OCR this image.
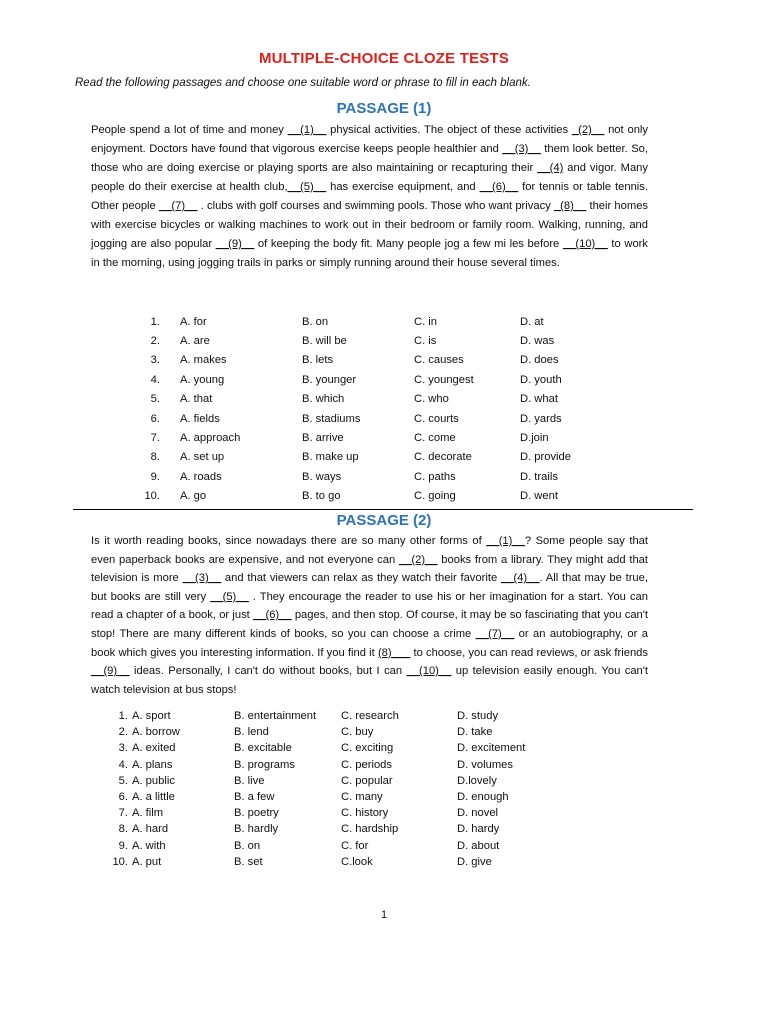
MULTIPLE-CHOICE CLOZE TESTS
Read the following passages and choose one suitable word or phrase to fill in each blank.
PASSAGE (1)
People spend a lot of time and money __(1)__ physical activities. The object of these activities _(2)__ not only enjoyment. Doctors have found that vigorous exercise keeps people healthier and __(3)__ them look better. So, those who are doing exercise or playing sports are also maintaining or recapturing their __(4) and vigor. Many people do their exercise at health club,__(5)__ has exercise equipment, and __(6)__ for tennis or table tennis. Other people __(7)__ . clubs with golf courses and swimming pools. Those who want privacy _(8)__ their homes with exercise bicycles or walking machines to work out in their bedroom or family room. Walking, running, and jogging are also popular __(9)__ of keeping the body fit. Many people jog a few mi les before __(10)__ to work in the morning, using jogging trails in parks or simply running around their house several times.
1.		A. for	B. on	C. in	D. at
2.		A. are	B. will be	C. is	D. was
3.		A. makes	B. lets	C. causes	D. does
4.		A. young	B. younger	C. youngest	D. youth
5.		A. that	B. which	C. who	D. what
6.		A. fields	B. stadiums	C. courts	D. yards
7.		A. approach	B. arrive	C. come	D.join
8.		A. set up	B. make up	C. decorate	D. provide
9.		A. roads	B. ways	C. paths	D. trails
10.		A. go	B. to go	C. going	D. went
PASSAGE (2)
Is it worth reading books, since nowadays there are so many other forms of __(1)__? Some people say that even paperback books are expensive, and not everyone can __(2)__ books from a library. They might add that television is more __(3)__ and that viewers can relax as they watch their favorite __(4)__. All that may be true, but books are still very __(5)__ . They encourage the reader to use his or her imagination for a start. You can read a chapter of a book, or just __(6)__ pages, and then stop. Of course, it may be so fascinating that you can't stop! There are many different kinds of books, so you can choose a crime __(7)__ or an autobiography, or a book which gives you interesting information. If you find it (8)___ to choose, you can read reviews, or ask friends __(9)__ ideas. Personally, I can't do without books, but I can __(10)__ up television easily enough. You can't watch television at bus stops!
1.	A. sport	B. entertainment	C. research	D. study
2.	A. borrow	B. lend	C. buy	D. take
3.	A. exited	B. excitable	C. exciting	D. excitement
4.	A. plans	B. programs	C. periods	D. volumes
5.	A. public	B. live	C. popular	D.lovely
6.	A. a little	B. a few	C. many	D. enough
7.	A. film	B. poetry	C. history	D. novel
8.	A. hard	B. hardly	C. hardship	D. hardy
9.	A. with	B. on	C. for	D. about
10.	A. put	B. set	C.look	D. give
1
